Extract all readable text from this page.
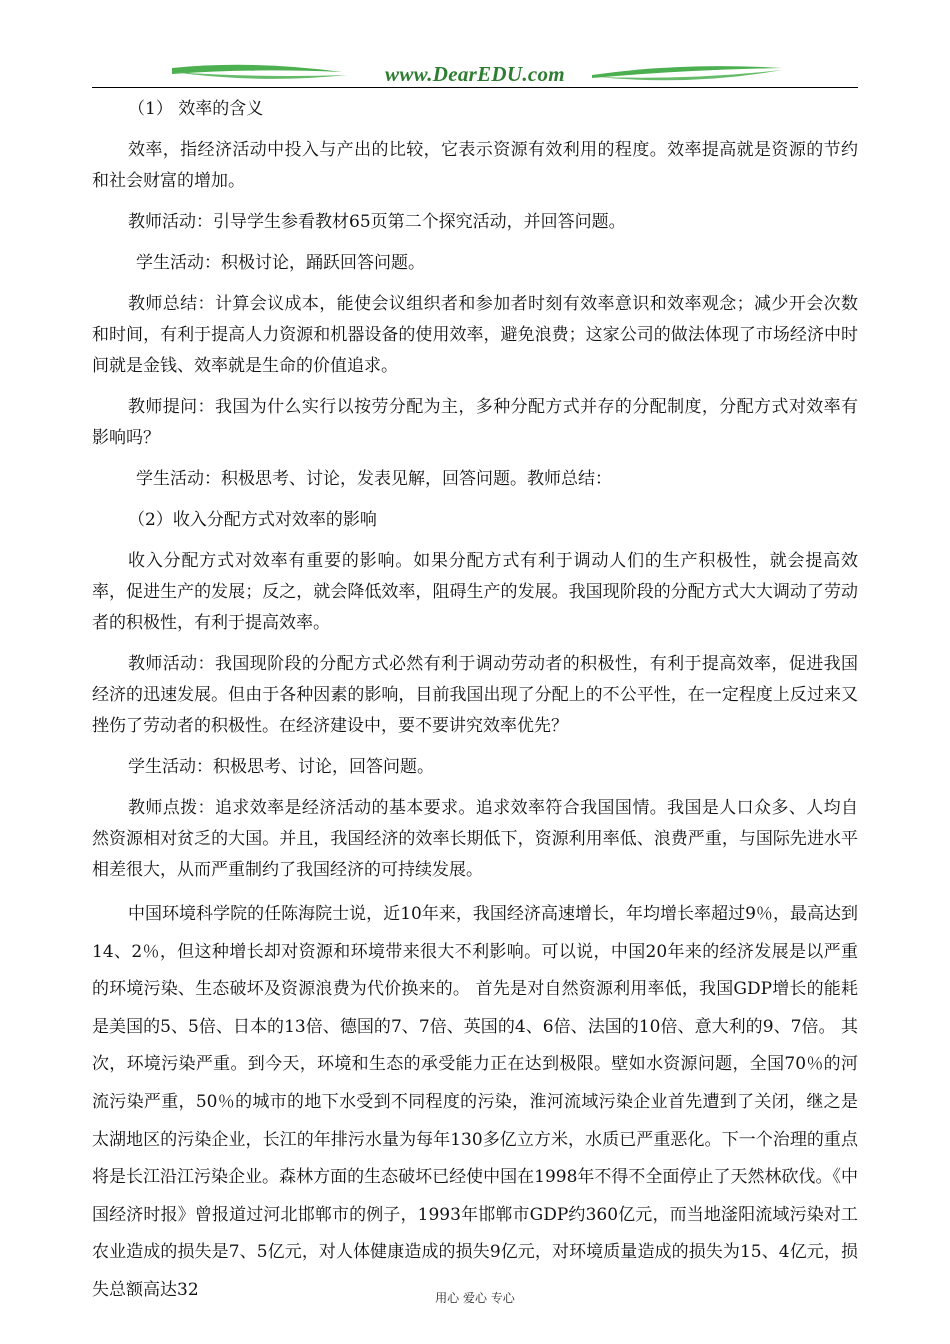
www.DearEDU.com

（1） 效率的含义

效率，指经济活动中投入与产出的比较，它表示资源有效利用的程度。效率提高就是资源的节约和社会财富的增加。

教师活动：引导学生参看教材65页第二个探究活动，并回答问题。

学生活动：积极讨论，踊跃回答问题。

教师总结：计算会议成本，能使会议组织者和参加者时刻有效率意识和效率观念；减少开会次数和时间，有利于提高人力资源和机器设备的使用效率，避免浪费；这家公司的做法体现了市场经济中时间就是金钱、效率就是生命的价值追求。

教师提问：我国为什么实行以按劳分配为主，多种分配方式并存的分配制度，分配方式对效率有影响吗？

学生活动：积极思考、讨论，发表见解，回答问题。教师总结：

（2）收入分配方式对效率的影响

收入分配方式对效率有重要的影响。如果分配方式有利于调动人们的生产积极性，就会提高效率，促进生产的发展；反之，就会降低效率，阻碍生产的发展。我国现阶段的分配方式大大调动了劳动者的积极性，有利于提高效率。

教师活动：我国现阶段的分配方式必然有利于调动劳动者的积极性，有利于提高效率，促进我国经济的迅速发展。但由于各种因素的影响，目前我国出现了分配上的不公平性，在一定程度上反过来又挫伤了劳动者的积极性。在经济建设中，要不要讲究效率优先？

学生活动：积极思考、讨论，回答问题。

教师点拨：追求效率是经济活动的基本要求。追求效率符合我国国情。我国是人口众多、人均自然资源相对贫乏的大国。并且，我国经济的效率长期低下，资源利用率低、浪费严重，与国际先进水平相差很大，从而严重制约了我国经济的可持续发展。

中国环境科学院的任陈海院士说，近10年来，我国经济高速增长，年均增长率超过9％，最高达到14、2％，但这种增长却对资源和环境带来很大不利影响。可以说，中国20年来的经济发展是以严重的环境污染、生态破坏及资源浪费为代价换来的。 首先是对自然资源利用率低，我国GDP增长的能耗是美国的5、5倍、日本的13倍、德国的7、7倍、英国的4、6倍、法国的10倍、意大利的9、7倍。 其次，环境污染严重。到今天，环境和生态的承受能力正在达到极限。壁如水资源问题，全国70％的河流污染严重，50％的城市的地下水受到不同程度的污染，淮河流域污染企业首先遭到了关闭，继之是太湖地区的污染企业，长江的年排污水量为每年130多亿立方米，水质已严重恶化。下一个治理的重点将是长江沿江污染企业。森林方面的生态破坏已经使中国在1998年不得不全面停止了天然林砍伐。《中国经济时报》曾报道过河北邯郸市的例子，1993年邯郸市GDP约360亿元，而当地滏阳流域污染对工农业造成的损失是7、5亿元，对人体健康造成的损失9亿元，对环境质量造成的损失为15、4亿元，损失总额高达32	用心 爱心 专心
